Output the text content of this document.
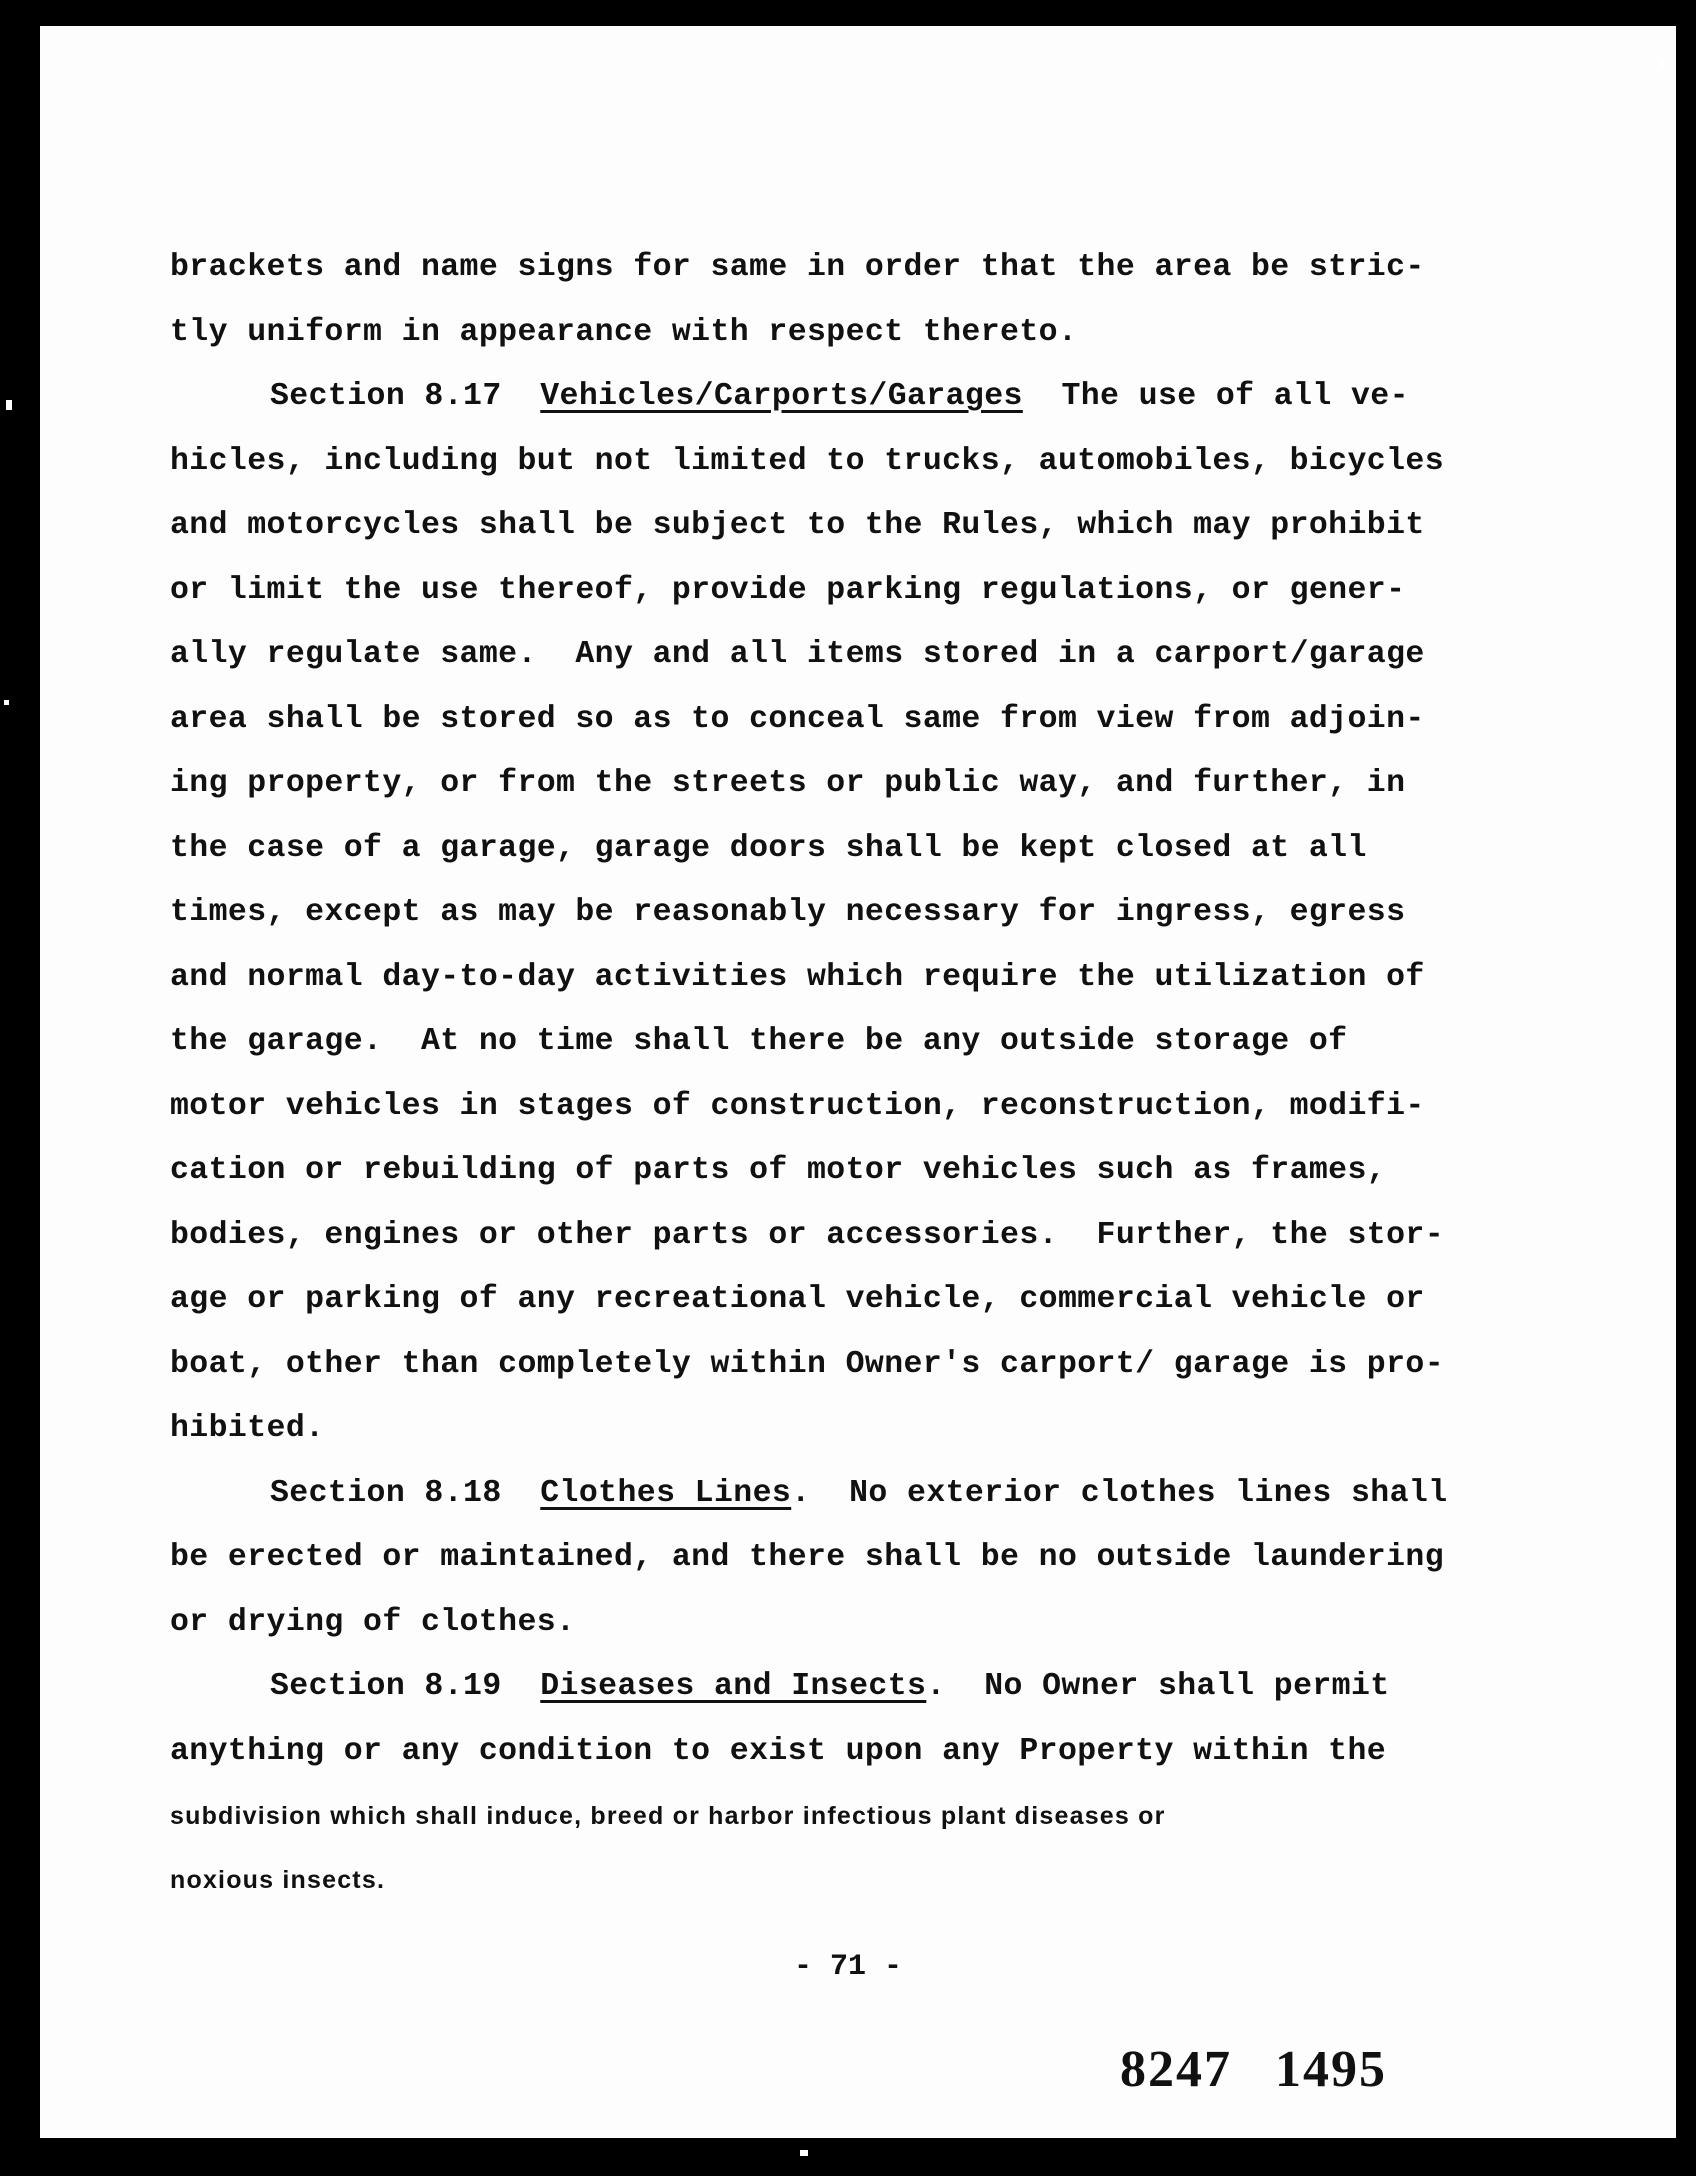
brackets and name signs for same in order that the area be stric-
tly uniform in appearance with respect thereto.
Section 8.17 Vehicles/Carports/Garages The use of all ve-
hicles, including but not limited to trucks, automobiles, bicycles
and motorcycles shall be subject to the Rules, which may prohibit
or limit the use thereof, provide parking regulations, or gener-
ally regulate same.  Any and all items stored in a carport/garage
area shall be stored so as to conceal same from view from adjoin-
ing property, or from the streets or public way, and further, in
the case of a garage, garage doors shall be kept closed at all
times, except as may be reasonably necessary for ingress, egress
and normal day-to-day activities which require the utilization of
the garage.  At no time shall there be any outside storage of
motor vehicles in stages of construction, reconstruction, modifi-
cation or rebuilding of parts of motor vehicles such as frames,
bodies, engines or other parts or accessories.  Further, the stor-
age or parking of any recreational vehicle, commercial vehicle or
boat, other than completely within Owner's carport/ garage is pro-
hibited.
Section 8.18 Clothes Lines.  No exterior clothes lines shall
be erected or maintained, and there shall be no outside laundering
or drying of clothes.
Section 8.19 Diseases and Insects.  No Owner shall permit
anything or any condition to exist upon any Property within the
subdivision which shall induce, breed or harbor infectious plant diseases or
noxious insects.
- 71 -
8247 1495
